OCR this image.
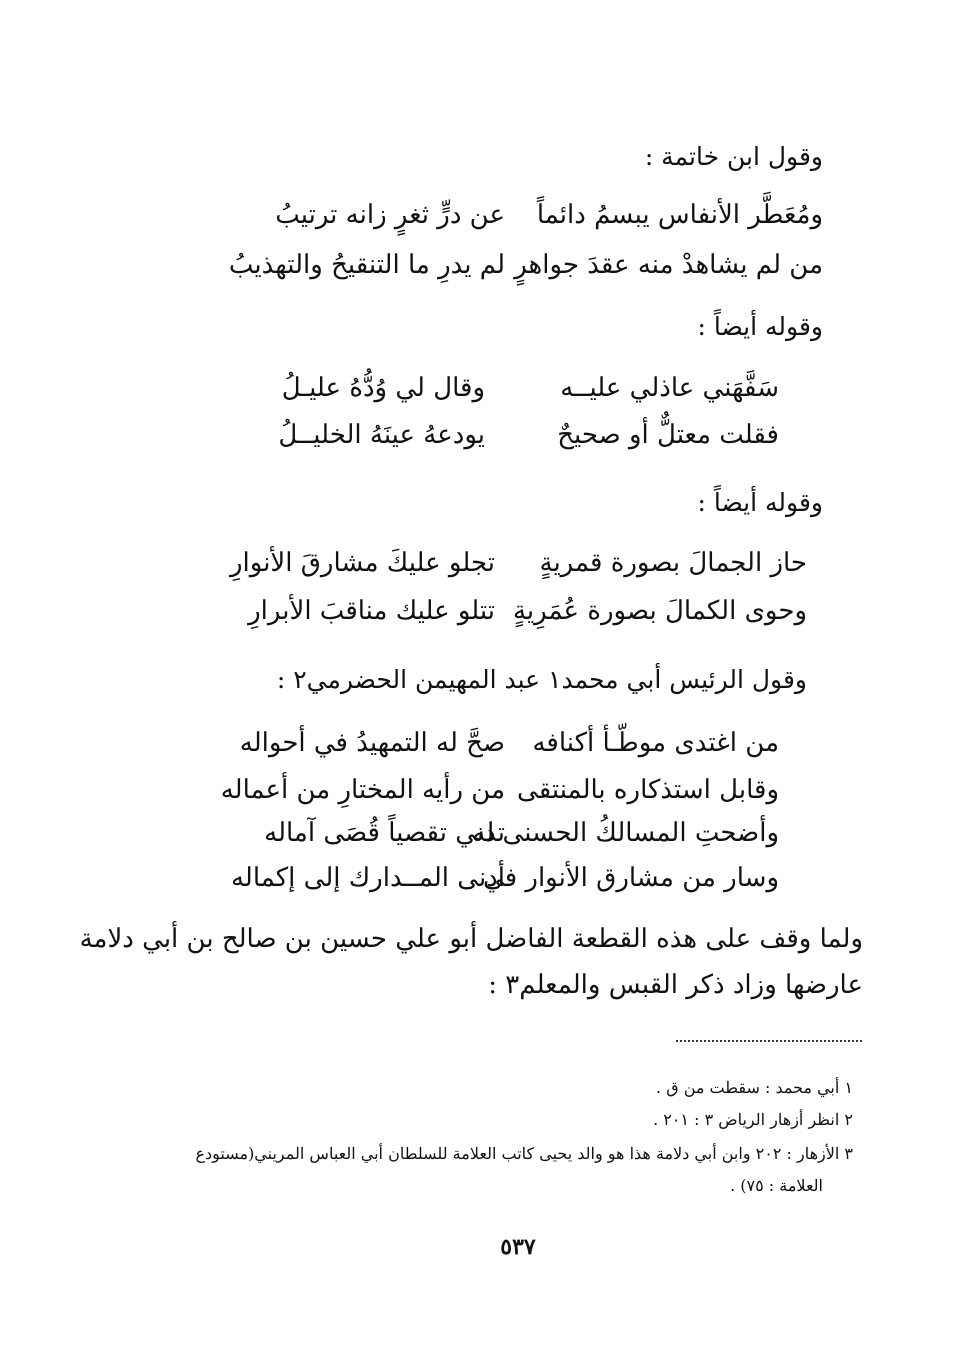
وقول ابن خاتمة :
ومُعَطَّر الأنفاس يبسمُ دائماً
عن درٍّ ثغرٍ زانه ترتيبُ
من لم يشاهدْ منه عقدَ جواهرٍ
لم يدرِ ما التنقيحُ والتهذيبُ
وقوله أيضاً :
سَفَّهَني عاذلي عليــه
وقال لي وُدُّهُ عليـلُ
فقلت معتلٌّ أو صحيحٌ
يودعهُ عينَهُ الخليــلُ
وقوله أيضاً :
حاز الجمالَ بصورة قمريةٍ
تجلو عليكَ مشارقَ الأنوارِ
وحوى الكمالَ بصورة عُمَرِيةٍ
تتلو عليك مناقبَ الأبرارِ
وقول الرئيس أبي محمد١ عبد المهيمن الحضرمي٢ :
من اغتدى موطّـأ أكنافه
صحَّ له التمهيدُ في أحواله
وقابل استذكاره بالمنتقى
من رأيه المختارِ من أعماله
وأضحتِ المسالكُ الحسنى له
تدني تقصياً قُصَى آماله
وسار من مشارق الأنوار في
أدنى المــدارك إلى إكماله
ولما وقف على هذه القطعة الفاضل أبو علي حسين بن صالح بن أبي دلامة
عارضها وزاد ذكر القبس والمعلم٣ :
١ أبي محمد : سقطت من ق .
٢ انظر أزهار الرياض ٣ : ٢٠١ .
٣ الأزهار : ٢٠٢ وابن أبي دلامة هذا هو والد يحيى كاتب العلامة للسلطان أبي العباس المريني(مستودع
العلامة : ٧٥) .
٥٣٧
